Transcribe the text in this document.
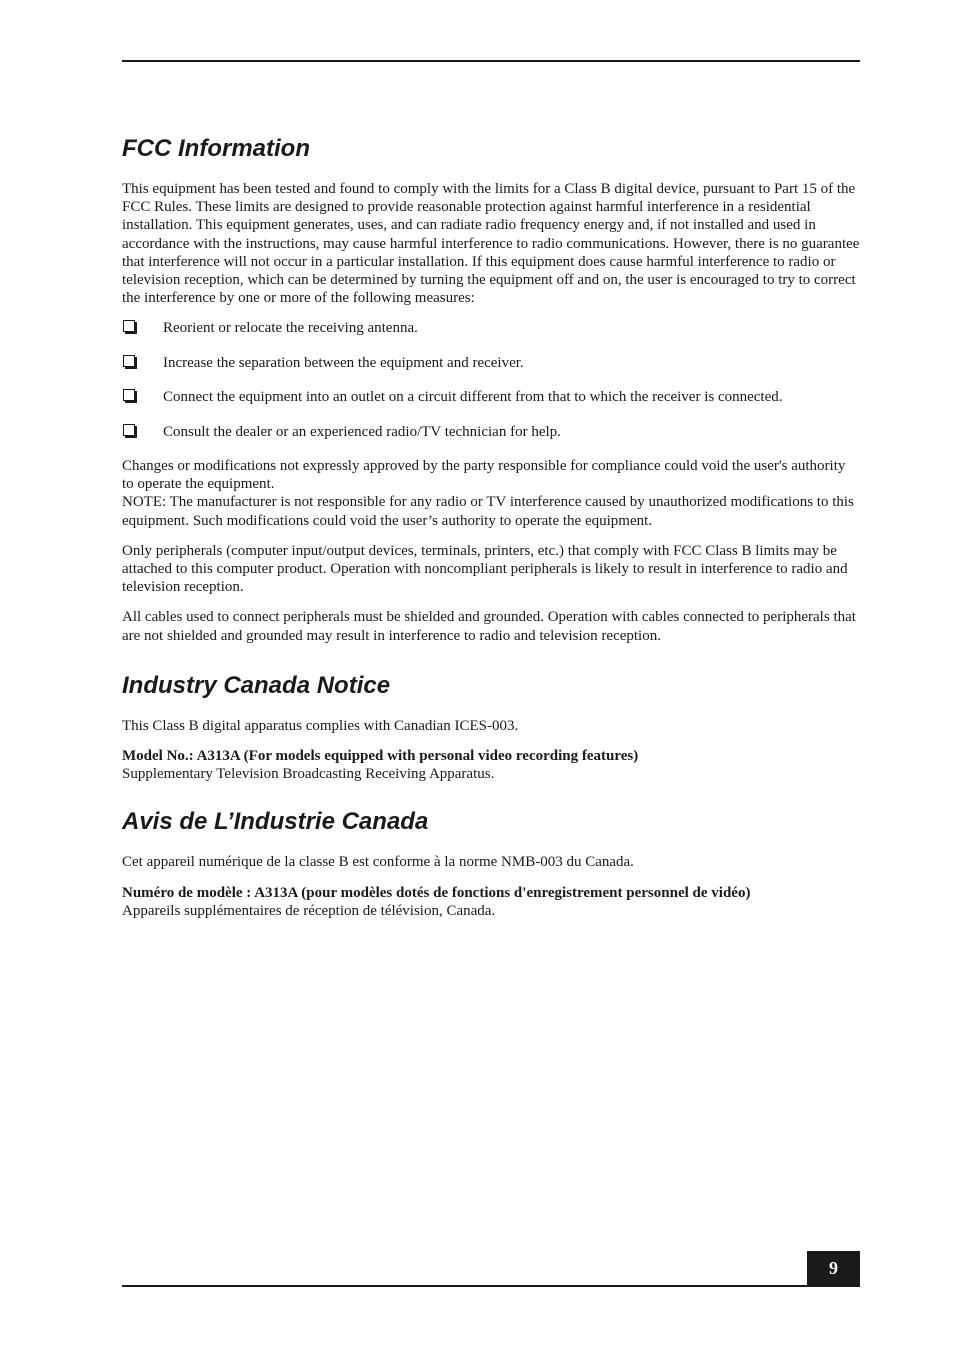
FCC Information

This equipment has been tested and found to comply with the limits for a Class B digital device, pursuant to Part 15 of the FCC Rules. These limits are designed to provide reasonable protection against harmful interference in a residential installation. This equipment generates, uses, and can radiate radio frequency energy and, if not installed and used in accordance with the instructions, may cause harmful interference to radio communications. However, there is no guarantee that interference will not occur in a particular installation. If this equipment does cause harmful interference to radio or television reception, which can be determined by turning the equipment off and on, the user is encouraged to try to correct the interference by one or more of the following measures:

Reorient or relocate the receiving antenna.
Increase the separation between the equipment and receiver.
Connect the equipment into an outlet on a circuit different from that to which the receiver is connected.
Consult the dealer or an experienced radio/TV technician for help.

Changes or modifications not expressly approved by the party responsible for compliance could void the user's authority to operate the equipment.
NOTE: The manufacturer is not responsible for any radio or TV interference caused by unauthorized modifications to this equipment. Such modifications could void the user’s authority to operate the equipment.

Only peripherals (computer input/output devices, terminals, printers, etc.) that comply with FCC Class B limits may be attached to this computer product. Operation with noncompliant peripherals is likely to result in interference to radio and television reception.

All cables used to connect peripherals must be shielded and grounded. Operation with cables connected to peripherals that are not shielded and grounded may result in interference to radio and television reception.

Industry Canada Notice

This Class B digital apparatus complies with Canadian ICES-003.

Model No.: A313A (For models equipped with personal video recording features)
Supplementary Television Broadcasting Receiving Apparatus.

Avis de L’Industrie Canada

Cet appareil numérique de la classe B est conforme à la norme NMB-003 du Canada.

Numéro de modèle : A313A (pour modèles dotés de fonctions d'enregistrement personnel de vidéo)
Appareils supplémentaires de réception de télévision, Canada.

9
